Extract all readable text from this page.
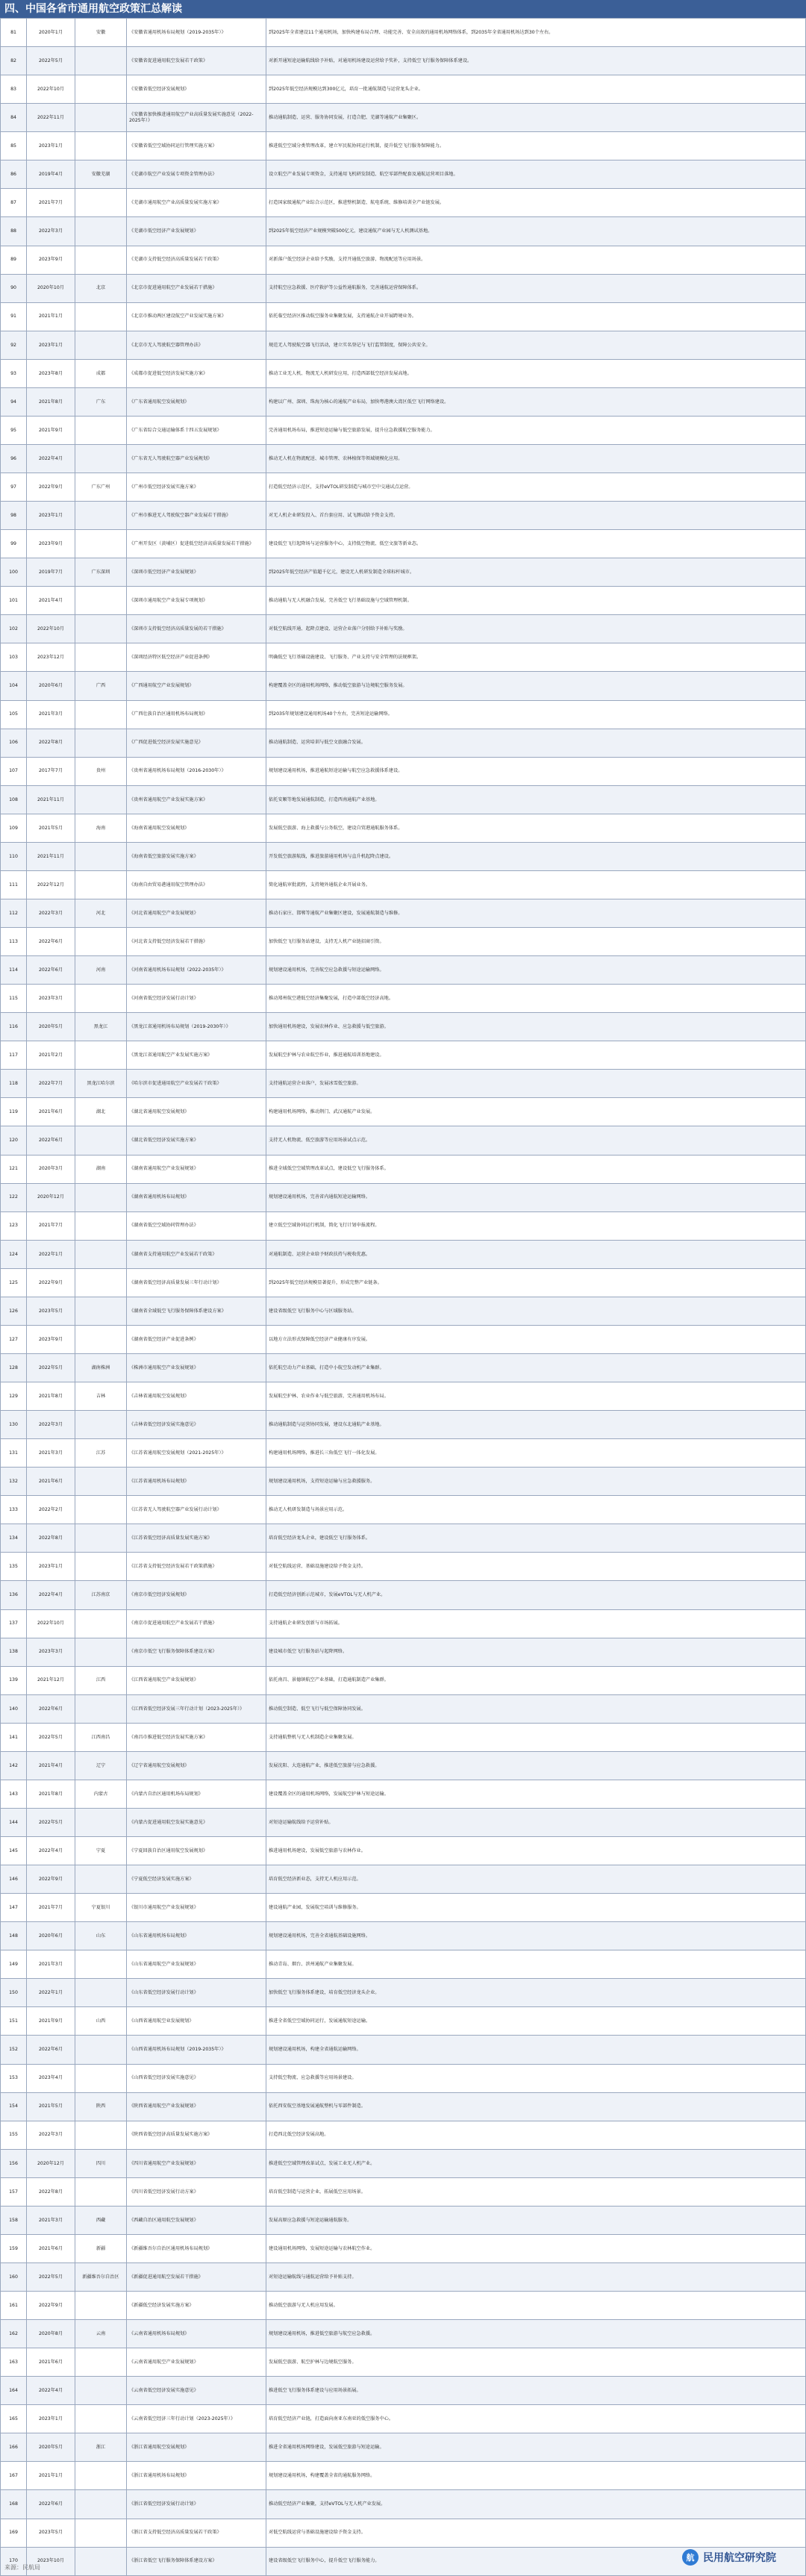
四、中国各省市通用航空政策汇总解读
81	2020年1月	安徽	《安徽省通用机场布局规划（2019-2035年）》	到2025年全省建设11个通用机场，加快构建布局合理、功能完善、安全高效的通用机场网络体系，到2035年全省通用机场达到30个左右。
82	2022年5月		《安徽省促进通用航空发展若干政策》	对新开通短途运输航线给予补贴，对通用机场建设运营给予奖补，支持低空飞行服务保障体系建设。
83	2022年10月		《安徽省低空经济发展规划》	到2025年低空经济规模达到300亿元，培育一批通航制造与运营龙头企业。
84	2022年11月		《安徽省加快推进通用航空产业高质量发展实施意见（2022-2025年）》	推动通航制造、运营、服务协同发展，打造合肥、芜湖等通航产业集聚区。
85	2023年1月		《安徽省低空空域协同运行管理实施方案》	推进低空空域分类管理改革，建立军民航协同运行机制，提升低空飞行服务保障能力。
86	2019年4月	安徽芜湖	《芜湖市航空产业发展专项资金管理办法》	设立航空产业发展专项资金，支持通用飞机研发制造、航空零部件配套及通航运营项目落地。
87	2021年7月		《芜湖市通用航空产业高质量发展实施方案》	打造国家级通航产业综合示范区，推进整机制造、航电系统、维修培训全产业链发展。
88	2022年3月		《芜湖市低空经济产业发展规划》	到2025年低空经济产业规模突破500亿元，建设通航产业园与无人机测试基地。
89	2023年9月		《芜湖市支持低空经济高质量发展若干政策》	对新落户低空经济企业给予奖励，支持开通低空旅游、物流配送等应用场景。
90	2020年10月	北京	《北京市促进通用航空产业发展若干措施》	支持航空应急救援、医疗救护等公益性通航服务，完善通航运营保障体系。
91	2021年1月		《北京市推动两区建设航空产业发展实施方案》	依托临空经济区推动航空服务业集聚发展，支持通航企业开展跨境业务。
92	2023年1月		《北京市无人驾驶航空器管理办法》	规范无人驾驶航空器飞行活动，建立实名登记与飞行监管制度，保障公共安全。
93	2023年8月	成都	《成都市促进低空经济发展实施方案》	推动工业无人机、物流无人机研发应用，打造西部低空经济发展高地。
94	2021年8月	广东	《广东省通用航空发展规划》	构建以广州、深圳、珠海为核心的通航产业布局，加快粤港澳大湾区低空飞行网络建设。
95	2021年9月		《广东省综合交通运输体系十四五发展规划》	完善通用机场布局，推进短途运输与低空旅游发展，提升应急救援航空服务能力。
96	2022年4月		《广东省无人驾驶航空器产业发展规划》	推动无人机在物流配送、城市管理、农林植保等领域规模化应用。
97	2022年9月	广东广州	《广州市低空经济发展实施方案》	打造低空经济示范区，支持eVTOL研发制造与城市空中交通试点运营。
98	2023年1月		《广州市推进无人驾驶航空器产业发展若干措施》	对无人机企业研发投入、首台套应用、试飞测试给予资金支持。
99	2023年9月		《广州开发区（黄埔区）促进低空经济高质量发展若干措施》	建设低空飞行起降场与运营服务中心，支持低空物流、低空文旅等新业态。
100	2019年7月	广东深圳	《深圳市低空经济产业发展规划》	到2025年低空经济产值超千亿元，建设无人机研发制造全球标杆城市。
101	2021年4月		《深圳市通用航空产业发展专项规划》	推动通航与无人机融合发展，完善低空飞行基础设施与空域管理机制。
102	2022年10月		《深圳市支持低空经济高质量发展的若干措施》	对低空航线开通、起降点建设、运营企业落户分别给予补贴与奖励。
103	2023年12月		《深圳经济特区低空经济产业促进条例》	明确低空飞行基础设施建设、飞行服务、产业支持与安全管理的法规框架。
104	2020年6月	广西	《广西通用航空产业发展规划》	构建覆盖全区的通用机场网络，推动低空旅游与边境航空服务发展。
105	2021年3月		《广西壮族自治区通用机场布局规划》	到2035年规划建设通用机场40个左右，完善短途运输网络。
106	2022年8月		《广西促进低空经济发展实施意见》	推动通航制造、运营培训与低空文旅融合发展。
107	2017年7月	贵州	《贵州省通用机场布局规划（2016-2030年）》	规划建设通用机场，推进通航短途运输与航空应急救援体系建设。
108	2021年11月		《贵州省通用航空产业发展实施方案》	依托安顺等地发展通航制造，打造西南通航产业基地。
109	2021年5月	海南	《海南省通用航空发展规划》	发展低空旅游、海上救援与公务航空，建设自贸港通航服务体系。
110	2021年11月		《海南省低空旅游发展实施方案》	开发低空旅游航线，推进旅游通用机场与直升机起降点建设。
111	2022年12月		《海南自由贸易港通用航空管理办法》	简化通航审批流程，支持境外通航企业开展业务。
112	2022年3月	河北	《河北省通用航空产业发展规划》	推动石家庄、邯郸等通航产业集聚区建设，发展通航制造与维修。
113	2022年6月		《河北省支持低空经济发展若干措施》	加快低空飞行服务站建设，支持无人机产业链招商引资。
114	2022年6月	河南	《河南省通用机场布局规划（2022-2035年）》	规划建设通用机场，完善航空应急救援与短途运输网络。
115	2023年3月		《河南省低空经济发展行动计划》	推动郑州航空港低空经济集聚发展，打造中部低空经济高地。
116	2020年5月	黑龙江	《黑龙江省通用机场布局规划（2019-2030年）》	加快通用机场建设，发展农林作业、应急救援与低空旅游。
117	2021年2月		《黑龙江省通用航空产业发展实施方案》	发展航空护林与农业航空作业，推进通航培训基地建设。
118	2022年7月	黑龙江哈尔滨	《哈尔滨市促进通用航空产业发展若干政策》	支持通航运营企业落户，发展冰雪低空旅游。
119	2021年6月	湖北	《湖北省通用航空发展规划》	构建通用机场网络，推动荆门、武汉通航产业发展。
120	2022年6月		《湖北省低空经济发展实施方案》	支持无人机物流、低空旅游等应用场景试点示范。
121	2020年3月	湖南	《湖南省通用航空产业发展规划》	推进全域低空空域管理改革试点，建设低空飞行服务体系。
122	2020年12月		《湖南省通用机场布局规划》	规划建设通用机场，完善省内通航短途运输网络。
123	2021年7月		《湖南省低空空域协同管理办法》	建立低空空域协同运行机制，简化飞行计划申报流程。
124	2022年1月		《湖南省支持通用航空产业发展若干政策》	对通航制造、运营企业给予财政扶持与税收优惠。
125	2022年9月		《湖南省低空经济高质量发展三年行动计划》	到2025年低空经济规模显著提升，形成完整产业链条。
126	2023年5月		《湖南省全域低空飞行服务保障体系建设方案》	建设省级低空飞行服务中心与区域服务站。
127	2023年9月		《湖南省低空经济产业促进条例》	以地方立法形式保障低空经济产业健康有序发展。
128	2022年5月	湖南株洲	《株洲市通用航空产业发展规划》	依托航空动力产业基础，打造中小航空发动机产业集群。
129	2021年8月	吉林	《吉林省通用航空发展规划》	发展航空护林、农业作业与低空旅游，完善通用机场布局。
130	2022年3月		《吉林省低空经济发展实施意见》	推动通航制造与运营协同发展，建设东北通航产业基地。
131	2021年3月	江苏	《江苏省通用航空发展规划（2021-2025年）》	构建通用机场网络，推进长三角低空飞行一体化发展。
132	2021年6月		《江苏省通用机场布局规划》	规划建设通用机场，支持短途运输与应急救援服务。
133	2022年2月		《江苏省无人驾驶航空器产业发展行动计划》	推动无人机研发制造与场景应用示范。
134	2022年8月		《江苏省低空经济高质量发展实施方案》	培育低空经济龙头企业，建设低空飞行服务体系。
135	2023年1月		《江苏省支持低空经济发展若干政策措施》	对低空航线运营、基础设施建设给予资金支持。
136	2022年4月	江苏南京	《南京市低空经济发展规划》	打造低空经济创新示范城市，发展eVTOL与无人机产业。
137	2022年10月		《南京市促进通用航空产业发展若干措施》	支持通航企业研发创新与市场拓展。
138	2023年3月		《南京市低空飞行服务保障体系建设方案》	建设城市低空飞行服务站与起降网络。
139	2021年12月	江西	《江西省通用航空产业发展规划》	依托南昌、景德镇航空产业基础，打造通航制造产业集群。
140	2022年6月		《江西省低空经济发展三年行动计划（2023-2025年）》	推动低空制造、低空飞行与低空保障协同发展。
141	2022年5月	江西南昌	《南昌市推进低空经济发展实施方案》	支持通航整机与无人机制造企业集聚发展。
142	2021年4月	辽宁	《辽宁省通用航空发展规划》	发展沈阳、大连通航产业，推进低空旅游与应急救援。
143	2021年8月	内蒙古	《内蒙古自治区通用机场布局规划》	建设覆盖全区的通用机场网络，发展航空护林与短途运输。
144	2022年5月		《内蒙古促进通用航空发展实施意见》	对短途运输航线给予运营补贴。
145	2022年4月	宁夏	《宁夏回族自治区通用航空发展规划》	推进通用机场建设，发展低空旅游与农林作业。
146	2022年9月		《宁夏低空经济发展实施方案》	培育低空经济新业态，支持无人机应用示范。
147	2021年7月	宁夏银川	《银川市通用航空产业发展规划》	建设通航产业园，发展航空培训与维修服务。
148	2020年6月	山东	《山东省通用机场布局规划》	规划建设通用机场，完善全省通航基础设施网络。
149	2021年3月		《山东省通用航空产业发展规划》	推动青岛、烟台、滨州通航产业集聚发展。
150	2022年1月		《山东省低空经济发展行动计划》	加快低空飞行服务体系建设，培育低空经济龙头企业。
151	2021年9月	山西	《山西省通用航空业发展规划》	推进全省低空空域协同运行，发展通航短途运输。
152	2022年6月		《山西省通用机场布局规划（2019-2035年）》	规划建设通用机场，构建全省通航运输网络。
153	2023年4月		《山西省低空经济发展实施意见》	支持低空物流、应急救援等应用场景建设。
154	2021年5月	陕西	《陕西省通用航空产业发展规划》	依托西安航空基地发展通航整机与零部件制造。
155	2022年3月		《陕西省低空经济高质量发展实施方案》	打造西北低空经济发展高地。
156	2020年12月	四川	《四川省通用航空产业发展规划》	推进低空空域管理改革试点，发展工业无人机产业。
157	2022年8月		《四川省低空经济发展行动方案》	培育低空制造与运营企业，拓展低空应用场景。
158	2021年3月	西藏	《西藏自治区通用航空发展规划》	发展高原应急救援与短途运输通航服务。
159	2021年6月	新疆	《新疆维吾尔自治区通用机场布局规划》	建设通用机场网络，发展短途运输与农林航空作业。
160	2022年5月	新疆维吾尔自治区	《新疆促进通用航空发展若干措施》	对短途运输航线与通航运营给予补贴支持。
161	2022年9月		《新疆低空经济发展实施方案》	推动低空旅游与无人机应用发展。
162	2020年8月	云南	《云南省通用机场布局规划》	规划建设通用机场，推进低空旅游与航空应急救援。
163	2021年6月		《云南省通用航空产业发展规划》	发展低空旅游、航空护林与边境航空服务。
164	2022年4月		《云南省低空经济发展实施意见》	推进低空飞行服务体系建设与应用场景拓展。
165	2023年1月		《云南省低空经济三年行动计划（2023-2025年）》	培育低空经济产业链，打造面向南亚东南亚的低空服务中心。
166	2020年5月	浙江	《浙江省通用航空发展规划》	推进全省通用机场网络建设，发展低空旅游与短途运输。
167	2021年1月		《浙江省通用机场布局规划》	规划建设通用机场，构建覆盖全省的通航服务网络。
168	2022年6月		《浙江省低空经济发展行动计划》	推动低空经济产业集聚，支持eVTOL与无人机产业发展。
169	2023年5月		《浙江省支持低空经济高质量发展若干政策》	对低空航线运营与基础设施建设给予资金支持。
170	2023年10月		《浙江省低空飞行服务保障体系建设方案》	建设省级低空飞行服务中心，提升低空飞行服务能力。
来源：民航局
航 民用航空研究院
